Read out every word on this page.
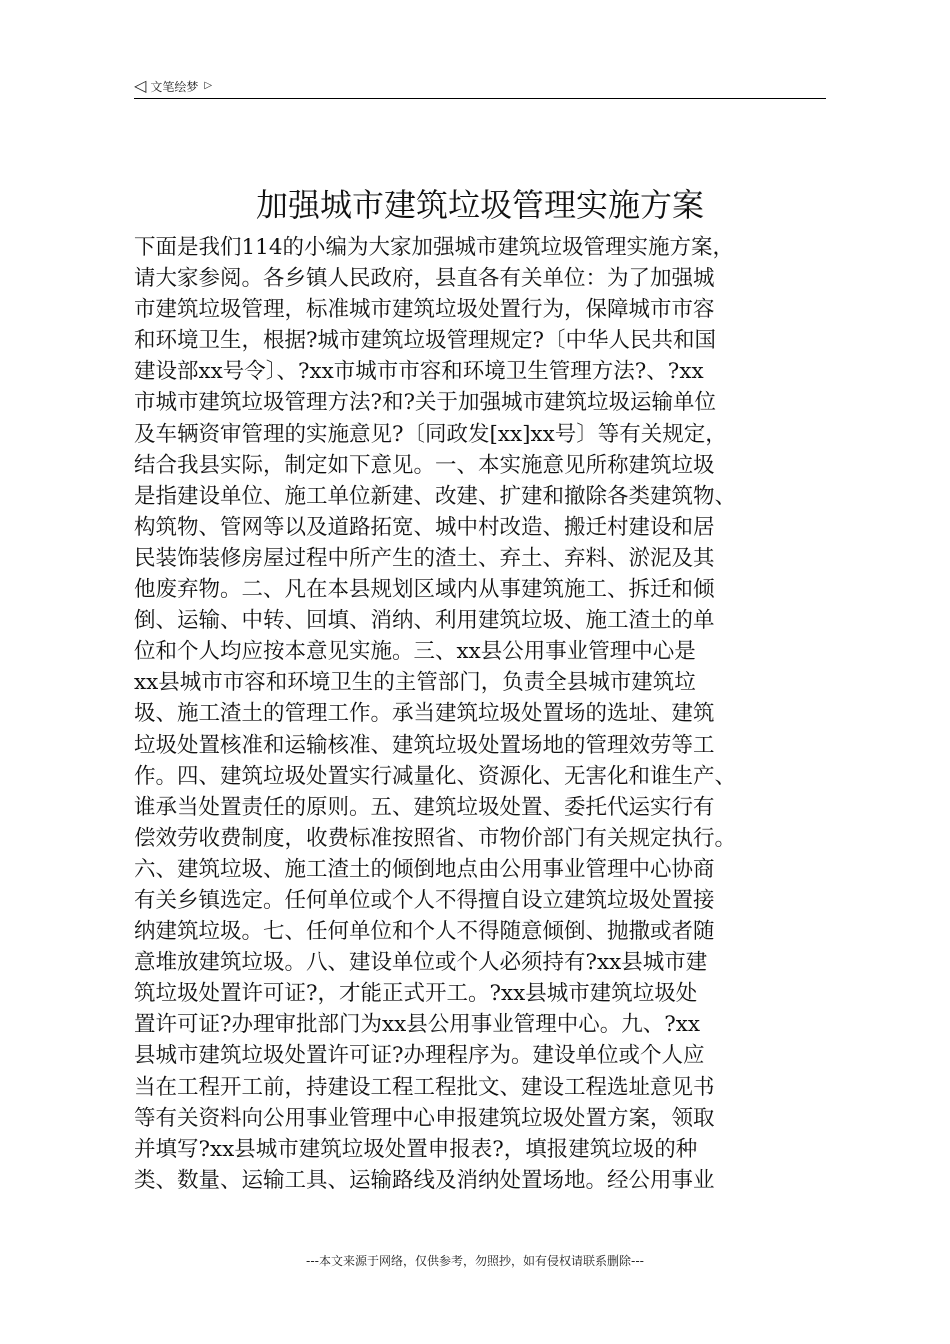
◁ 文笔绘梦 ▷
加强城市建筑垃圾管理实施方案
下面是我们114的小编为大家加强城市建筑垃圾管理实施方案，
请大家参阅。各乡镇人民政府，县直各有关单位：为了加强城
市建筑垃圾管理，标准城市建筑垃圾处置行为，保障城市市容
和环境卫生，根据?城市建筑垃圾管理规定?〔中华人民共和国
建设部xx号令〕、?xx市城市市容和环境卫生管理方法?、?xx
市城市建筑垃圾管理方法?和?关于加强城市建筑垃圾运输单位
及车辆资审管理的实施意见?〔同政发[xx]xx号〕等有关规定，
结合我县实际，制定如下意见。一、本实施意见所称建筑垃圾
是指建设单位、施工单位新建、改建、扩建和撤除各类建筑物、
构筑物、管网等以及道路拓宽、城中村改造、搬迁村建设和居
民装饰装修房屋过程中所产生的渣土、弃土、弃料、淤泥及其
他废弃物。二、凡在本县规划区域内从事建筑施工、拆迁和倾
倒、运输、中转、回填、消纳、利用建筑垃圾、施工渣土的单
位和个人均应按本意见实施。三、xx县公用事业管理中心是
xx县城市市容和环境卫生的主管部门，负责全县城市建筑垃
圾、施工渣土的管理工作。承当建筑垃圾处置场的选址、建筑
垃圾处置核准和运输核准、建筑垃圾处置场地的管理效劳等工
作。四、建筑垃圾处置实行减量化、资源化、无害化和谁生产、
谁承当处置责任的原则。五、建筑垃圾处置、委托代运实行有
偿效劳收费制度，收费标准按照省、市物价部门有关规定执行。
六、建筑垃圾、施工渣土的倾倒地点由公用事业管理中心协商
有关乡镇选定。任何单位或个人不得擅自设立建筑垃圾处置接
纳建筑垃圾。七、任何单位和个人不得随意倾倒、抛撒或者随
意堆放建筑垃圾。八、建设单位或个人必须持有?xx县城市建
筑垃圾处置许可证?，才能正式开工。?xx县城市建筑垃圾处
置许可证?办理审批部门为xx县公用事业管理中心。九、?xx
县城市建筑垃圾处置许可证?办理程序为。建设单位或个人应
当在工程开工前，持建设工程工程批文、建设工程选址意见书
等有关资料向公用事业管理中心申报建筑垃圾处置方案，领取
并填写?xx县城市建筑垃圾处置申报表?，填报建筑垃圾的种
类、数量、运输工具、运输路线及消纳处置场地。经公用事业
---本文来源于网络，仅供参考，勿照抄，如有侵权请联系删除---
